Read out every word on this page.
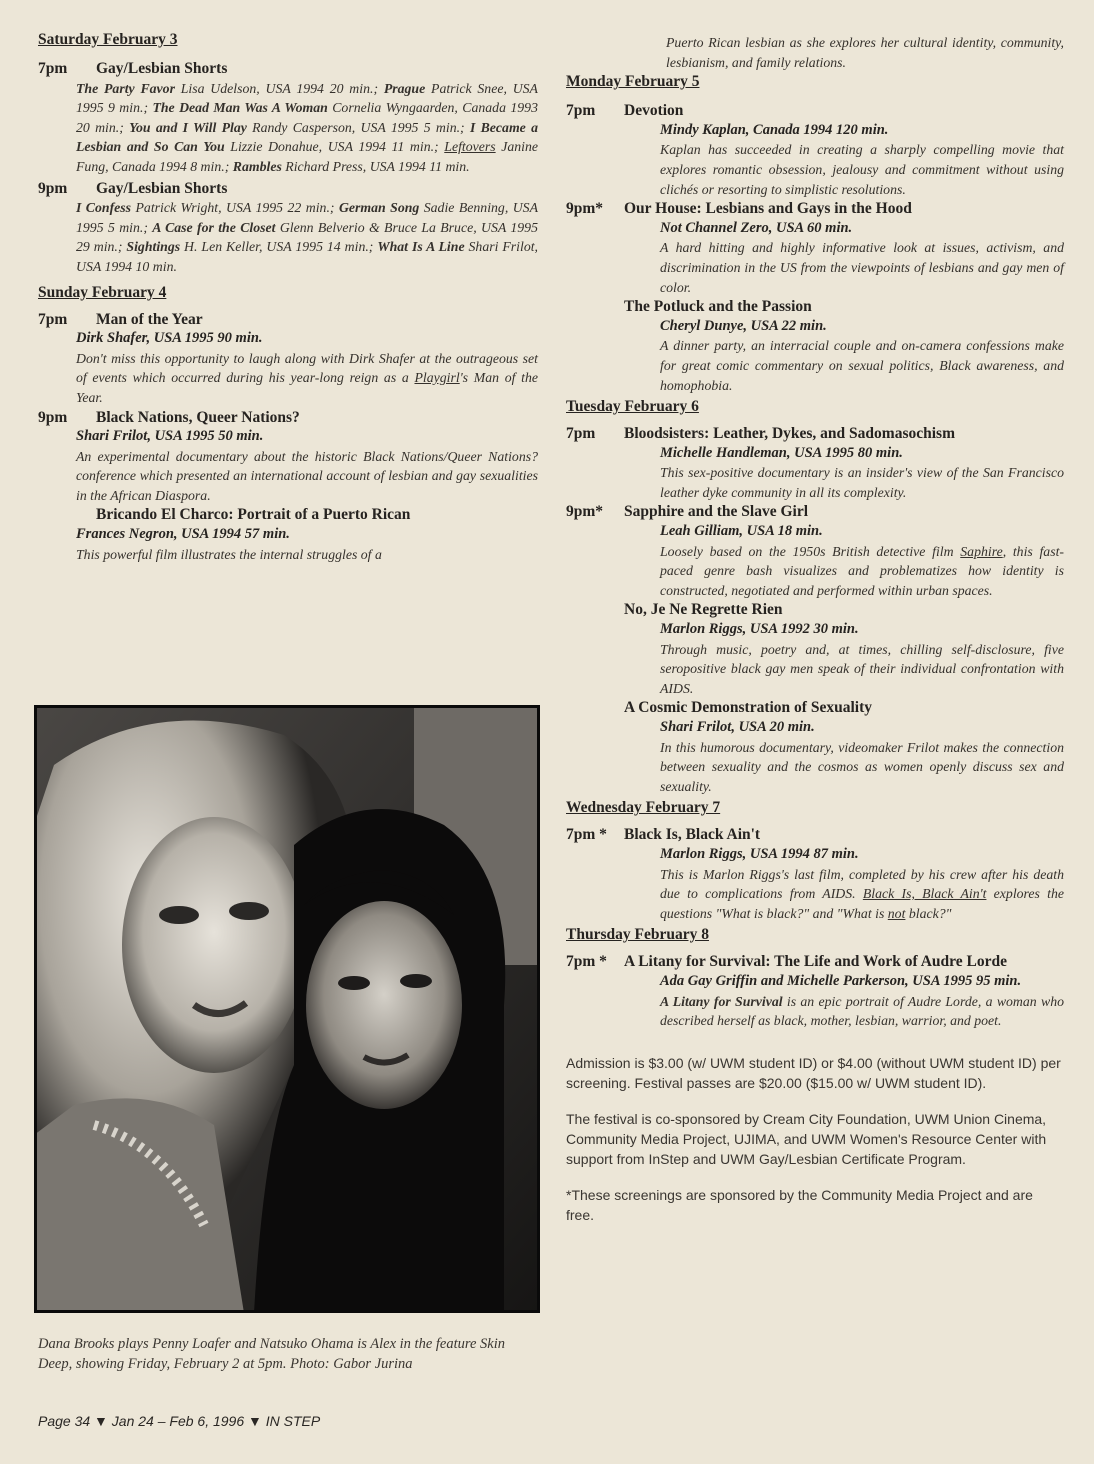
Saturday February 3
7pm	Gay/Lesbian Shorts
The Party Favor Lisa Udelson, USA 1994 20 min.; Prague Patrick Snee, USA 1995 9 min.; The Dead Man Was A Woman Cornelia Wyngaarden, Canada 1993 20 min.; You and I Will Play Randy Casperson, USA 1995 5 min.; I Became a Lesbian and So Can You Lizzie Donahue, USA 1994 11 min.; Leftovers Janine Fung, Canada 1994 8 min.; Rambles Richard Press, USA 1994 11 min.
9pm	Gay/Lesbian Shorts
I Confess Patrick Wright, USA 1995 22 min.; German Song Sadie Benning, USA 1995 5 min.; A Case for the Closet Glenn Belverio & Bruce La Bruce, USA 1995 29 min.; Sightings H. Len Keller, USA 1995 14 min.; What Is A Line Shari Frilot, USA 1994 10 min.
Sunday February 4
7pm	Man of the Year
Dirk Shafer, USA 1995 90 min.
Don't miss this opportunity to laugh along with Dirk Shafer at the outrageous set of events which occurred during his year-long reign as a Playgirl's Man of the Year.
9pm	Black Nations, Queer Nations?
Shari Frilot, USA 1995 50 min.
An experimental documentary about the historic Black Nations/Queer Nations? conference which presented an international account of lesbian and gay sexualities in the African Diaspora.
Bricando El Charco: Portrait of a Puerto Rican
Frances Negron, USA 1994 57 min.
This powerful film illustrates the internal struggles of a
Dana Brooks plays Penny Loafer and Natsuko Ohama is Alex in the feature Skin Deep, showing Friday, February 2 at 5pm. Photo: Gabor Jurina
Page 34 ▼ Jan 24 – Feb 6, 1996 ▼ IN STEP
Puerto Rican lesbian as she explores her cultural identity, community, lesbianism, and family relations.
Monday February 5
7pm	Devotion
Mindy Kaplan, Canada 1994 120 min.
Kaplan has succeeded in creating a sharply compelling movie that explores romantic obsession, jealousy and commitment without using clichés or resorting to simplistic resolutions.
9pm*	Our House: Lesbians and Gays in the Hood
Not Channel Zero, USA 60 min.
A hard hitting and highly informative look at issues, activism, and discrimination in the US from the viewpoints of lesbians and gay men of color.
The Potluck and the Passion
Cheryl Dunye, USA 22 min.
A dinner party, an interracial couple and on-camera confessions make for great comic commentary on sexual politics, Black awareness, and homophobia.
Tuesday February 6
7pm	Bloodsisters: Leather, Dykes, and Sadomasochism
Michelle Handleman, USA 1995 80 min.
This sex-positive documentary is an insider's view of the San Francisco leather dyke community in all its complexity.
9pm*	Sapphire and the Slave Girl
Leah Gilliam, USA 18 min.
Loosely based on the 1950s British detective film Saphire, this fast-paced genre bash visualizes and problematizes how identity is constructed, negotiated and performed within urban spaces.
No, Je Ne Regrette Rien
Marlon Riggs, USA 1992 30 min.
Through music, poetry and, at times, chilling self-disclosure, five seropositive black gay men speak of their individual confrontation with AIDS.
A Cosmic Demonstration of Sexuality
Shari Frilot, USA 20 min.
In this humorous documentary, videomaker Frilot makes the connection between sexuality and the cosmos as women openly discuss sex and sexuality.
Wednesday February 7
7pm *	Black Is, Black Ain't
Marlon Riggs, USA 1994 87 min.
This is Marlon Riggs's last film, completed by his crew after his death due to complications from AIDS. Black Is, Black Ain't explores the questions "What is black?" and "What is not black?"
Thursday February 8
7pm *	A Litany for Survival: The Life and Work of Audre Lorde
Ada Gay Griffin and Michelle Parkerson, USA 1995 95 min.
A Litany for Survival is an epic portrait of Audre Lorde, a woman who described herself as black, mother, lesbian, warrior, and poet.

Admission is $3.00 (w/ UWM student ID) or $4.00 (without UWM student ID) per screening. Festival passes are $20.00 ($15.00 w/ UWM student ID).

The festival is co-sponsored by Cream City Foundation, UWM Union Cinema, Community Media Project, UJIMA, and UWM Women's Resource Center with support from InStep and UWM Gay/Lesbian Certificate Program.

*These screenings are sponsored by the Community Media Project and are free.
